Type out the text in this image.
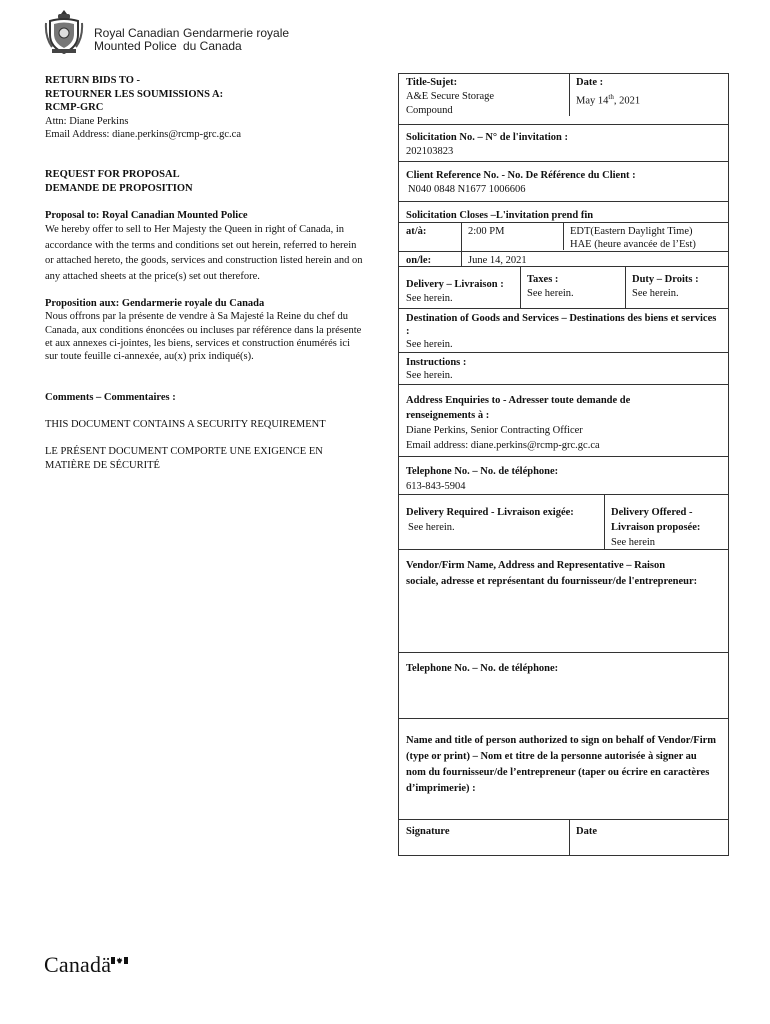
Royal Canadian Gendarmerie royale
Mounted Police du Canada
RETURN BIDS TO -
RETOURNER LES SOUMISSIONS A:
RCMP-GRC
Attn: Diane Perkins
Email Address: diane.perkins@rcmp-grc.gc.ca
REQUEST FOR PROPOSAL
DEMANDE DE PROPOSITION
Proposal to: Royal Canadian Mounted Police
We hereby offer to sell to Her Majesty the Queen in right of Canada, in accordance with the terms and conditions set out herein, referred to herein or attached hereto, the goods, services and construction listed herein and on any attached sheets at the price(s) set out therefore.
Proposition aux: Gendarmerie royale du Canada
Nous offrons par la présente de vendre à Sa Majesté la Reine du chef du Canada, aux conditions énoncées ou incluses par référence dans la présente et aux annexes ci-jointes, les biens, services et construction énumérés ici sur toute feuille ci-annexée, au(x) prix indiqué(s).
Comments – Commentaires :
THIS DOCUMENT CONTAINS A SECURITY REQUIREMENT
LE PRÉSENT DOCUMENT COMPORTE UNE EXIGENCE EN MATIÈRE DE SÉCURITÉ
Title-Sujet:
A&E Secure Storage
Compound
Date :
May 14th, 2021
Solicitation No. – N° de l'invitation :
202103823
Client Reference No. - No. De Référence du Client :
N040 0848 N1677 1006606
Solicitation Closes –L'invitation prend fin
at/à:	2:00 PM	EDT(Eastern Daylight Time)
HAE (heure avancée de l’Est)
on/le:	June 14, 2021
Delivery – Livraison :
See herein.
Taxes :
See herein.
Duty – Droits :
See herein.
Destination of Goods and Services – Destinations des biens et services :
See herein.
Instructions :
See herein.
Address Enquiries to - Adresser toute demande de renseignements à :
Diane Perkins, Senior Contracting Officer
Email address: diane.perkins@rcmp-grc.gc.ca
Telephone No. – No. de téléphone:
613-843-5904
Delivery Required - Livraison exigée:
See herein.
Delivery Offered -
Livraison proposée:
See herein
Vendor/Firm Name, Address and Representative – Raison sociale, adresse et représentant du fournisseur/de l'entrepreneur:
Telephone No. – No. de téléphone:
Name and title of person authorized to sign on behalf of Vendor/Firm (type or print) – Nom et titre de la personne autorisée à signer au nom du fournisseur/de l’entrepreneur (taper ou écrire en caractères d’imprimerie) :
Signature	Date
Canadä
